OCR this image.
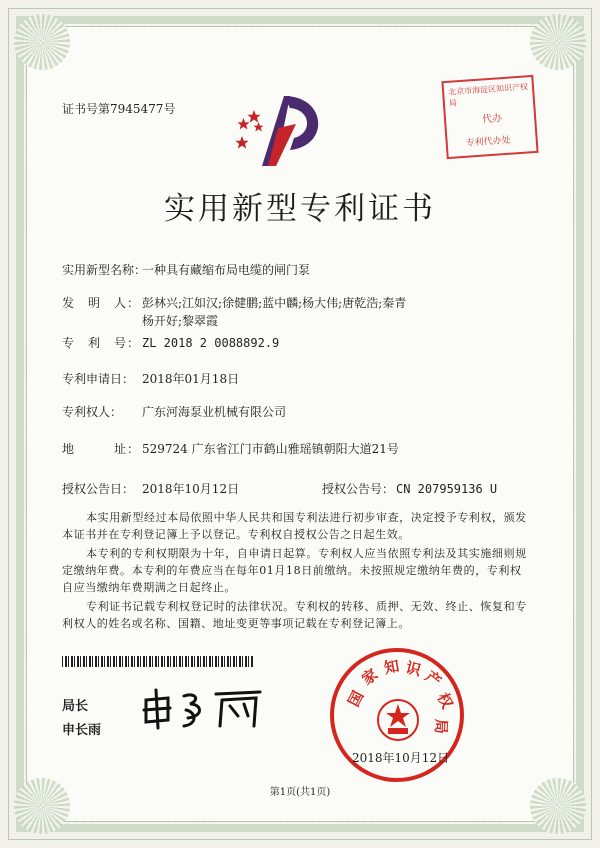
证书号第7945477号
北京市海淀区知识产权局
代办
专利代办处
实用新型专利证书
实用新型名称：
一种具有藏缩布局电缆的闸门泵
发　明　人： 彭林兴;江如汉;徐健鹏;蓝中麟;杨大伟;唐乾浩;秦青
杨开好;黎翠霞
专　利　号： ZL 2018 2 0088892.9
专利申请日： 2018年01月18日
专利权人： 广东河海泵业机械有限公司
地　　　址： 529724 广东省江门市鹤山雅瑶镇朝阳大道21号
授权公告日： 2018年10月12日	授权公告号： CN 207959136 U
本实用新型经过本局依照中华人民共和国专利法进行初步审查，决定授予专利权，颁发
本证书并在专利登记簿上予以登记。专利权自授权公告之日起生效。
本专利的专利权期限为十年，自申请日起算。专利权人应当依照专利法及其实施细则规
定缴纳年费。本专利的年费应当在每年01月18日前缴纳。未按照规定缴纳年费的，专利权
自应当缴纳年费期满之日起终止。
专利证书记载专利权登记时的法律状况。专利权的转移、质押、无效、终止、恢复和专
利权人的姓名或名称、国籍、地址变更等事项记载在专利登记簿上。
局长
申长雨
国
家 知 识
产
权
局
2018年10月12日
第1页(共1页)
